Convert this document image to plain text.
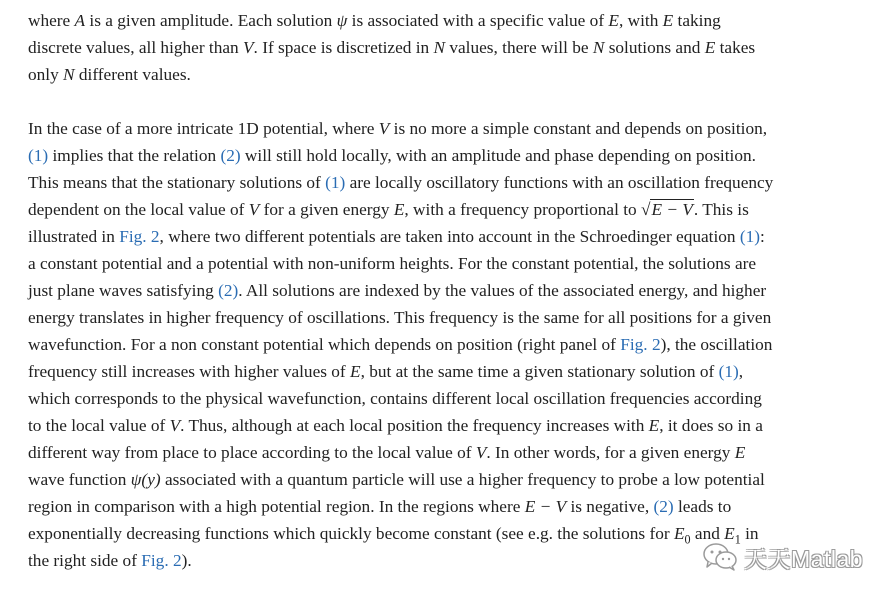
where A is a given amplitude. Each solution ψ is associated with a specific value of E, with E taking
discrete values, all higher than V. If space is discretized in N values, there will be N solutions and E takes
only N different values.
In the case of a more intricate 1D potential, where V is no more a simple constant and depends on position,
(1) implies that the relation (2) will still hold locally, with an amplitude and phase depending on position.
This means that the stationary solutions of (1) are locally oscillatory functions with an oscillation frequency
dependent on the local value of V for a given energy E, with a frequency proportional to √E − V. This is
illustrated in Fig. 2, where two different potentials are taken into account in the Schroedinger equation (1):
a constant potential and a potential with non-uniform heights. For the constant potential, the solutions are
just plane waves satisfying (2). All solutions are indexed by the values of the associated energy, and higher
energy translates in higher frequency of oscillations. This frequency is the same for all positions for a given
wavefunction. For a non constant potential which depends on position (right panel of Fig. 2), the oscillation
frequency still increases with higher values of E, but at the same time a given stationary solution of (1),
which corresponds to the physical wavefunction, contains different local oscillation frequencies according
to the local value of V. Thus, although at each local position the frequency increases with E, it does so in a
different way from place to place according to the local value of V. In other words, for a given energy E
wave function ψ(y) associated with a quantum particle will use a higher frequency to probe a low potential
region in comparison with a high potential region. In the regions where E − V is negative, (2) leads to
exponentially decreasing functions which quickly become constant (see e.g. the solutions for $E_0$ and $E_1$ in
the right side of Fig. 2).	天天Matlab
